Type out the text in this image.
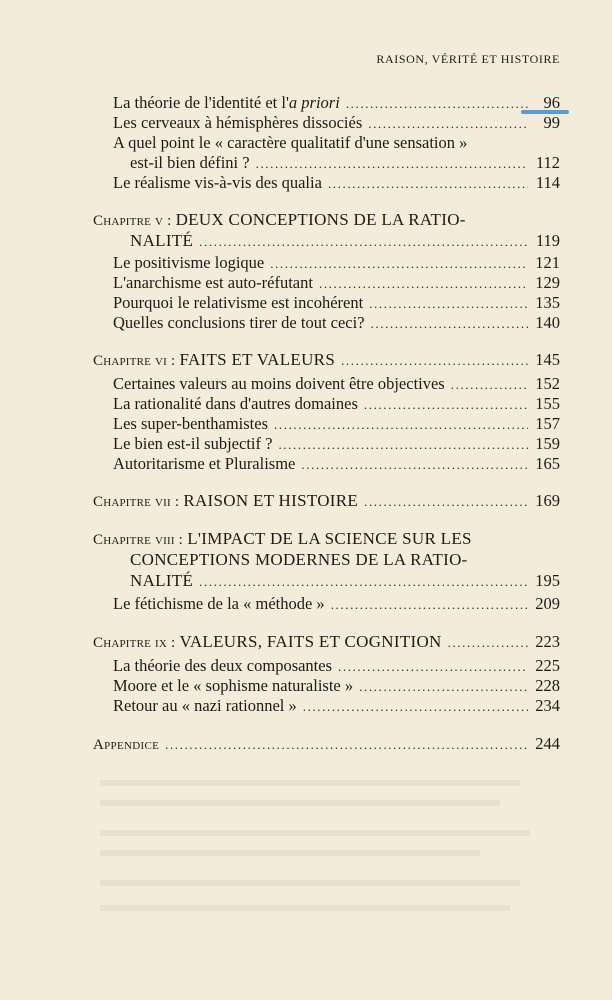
RAISON, VÉRITÉ ET HISTOIRE
La théorie de l'identité et l'a priori .....	96
Les cerveaux à hémisphères dissociés .....	99
A quel point le « caractère qualitatif d'une sensation »
est-il bien défini ? .....	112
Le réalisme vis-à-vis des qualia .....	114
Chapitre v : DEUX CONCEPTIONS DE LA RATIO-
NALITÉ .....	119
Le positivisme logique .....	121
L'anarchisme est auto-réfutant .....	129
Pourquoi le relativisme est incohérent .....	135
Quelles conclusions tirer de tout ceci? .....	140
Chapitre vi : FAITS ET VALEURS .....	145
Certaines valeurs au moins doivent être objectives .....	152
La rationalité dans d'autres domaines .....	155
Les super-benthamistes .....	157
Le bien est-il subjectif ? .....	159
Autoritarisme et Pluralisme .....	165
Chapitre vii : RAISON ET HISTOIRE .....	169
Chapitre viii : L'IMPACT DE LA SCIENCE SUR LES
CONCEPTIONS MODERNES DE LA RATIO-
NALITÉ .....	195
Le fétichisme de la « méthode » .....	209
Chapitre ix : VALEURS, FAITS ET COGNITION .....	223
La théorie des deux composantes .....	225
Moore et le « sophisme naturaliste » .....	228
Retour au « nazi rationnel » .....	234
Appendice .....	244
